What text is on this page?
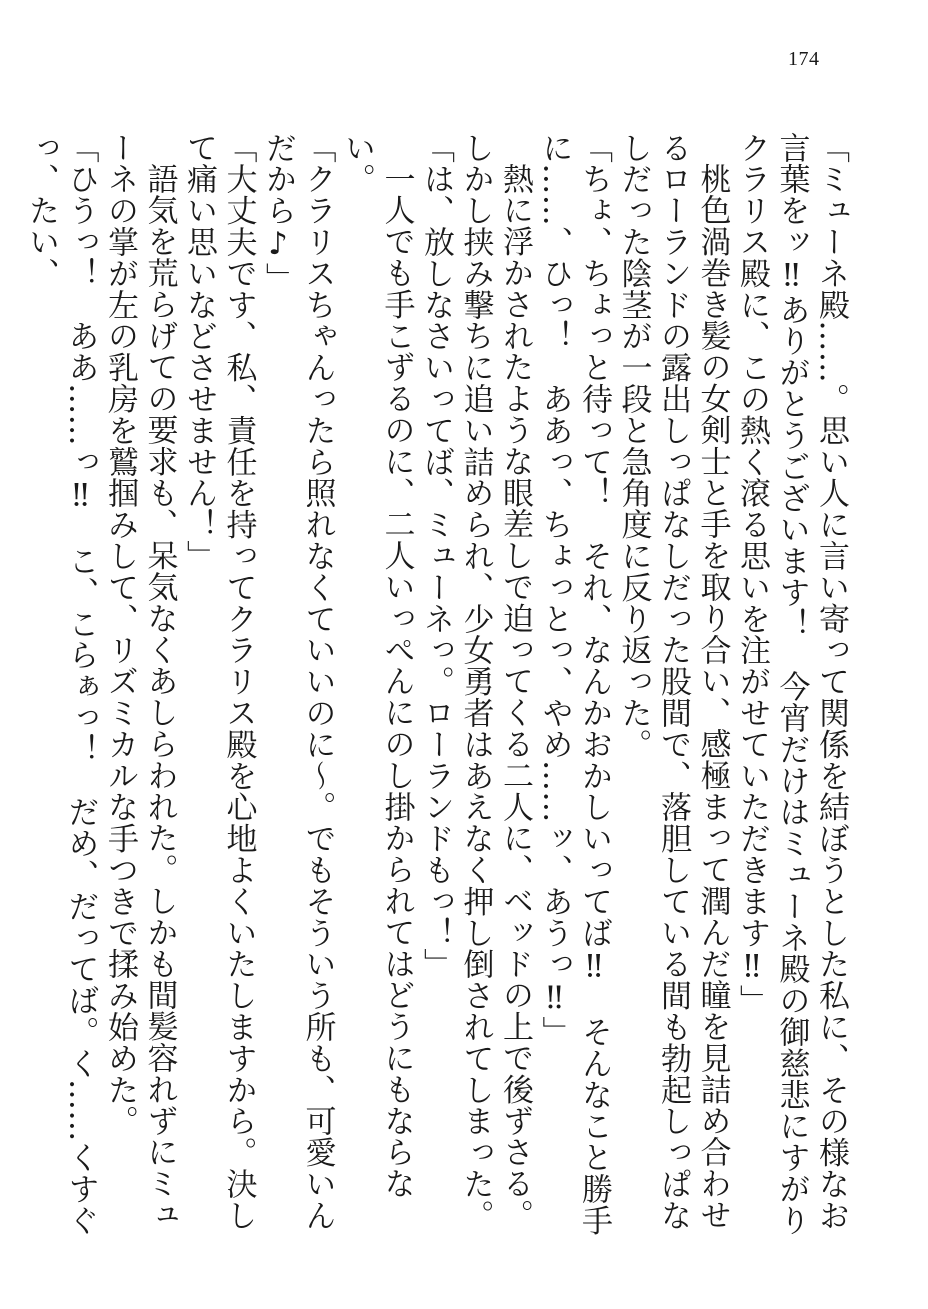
174

「ミューネ殿……。思い人に言い寄って関係を結ぼうとした私に、その様なお言葉をッ‼ありがとうございます！　今宵だけはミューネ殿の御慈悲にすがりクラリス殿に、この熱く滾る思いを注がせていただきます‼」

桃色渦巻き髪の女剣士と手を取り合い、感極まって潤んだ瞳を見詰め合わせるローランドの露出しっぱなしだった股間で、落胆している間も勃起しっぱなしだった陰茎が一段と急角度に反り返った。

「ちょ、ちょっと待って！　それ、なんかおかしいってば‼　そんなこと勝手に……、ひっ！　ああっ、ちょっとっ、やめ……ッ、あうっ‼」

熱に浮かされたような眼差しで迫ってくる二人に、ベッドの上で後ずさる。しかし挟み撃ちに追い詰められ、少女勇者はあえなく押し倒されてしまった。

「は、放しなさいってば、ミューネっ。ローランドもっ！」

一人でも手こずるのに、二人いっぺんにのし掛かられてはどうにもならない。

「クラリスちゃんったら照れなくていいのに〜。でもそういう所も、可愛いんだから♪」

「大丈夫です、私、責任を持ってクラリス殿を心地よくいたしますから。決して痛い思いなどさせません！」

語気を荒らげての要求も、呆気なくあしらわれた。しかも間髪容れずにミューネの掌が左の乳房を鷲掴みして、リズミカルな手つきで揉み始めた。

「ひうっ！　ああ……っ‼　こ、こらぁっ！　だめ、だってば。く……くすぐっ、たい、
